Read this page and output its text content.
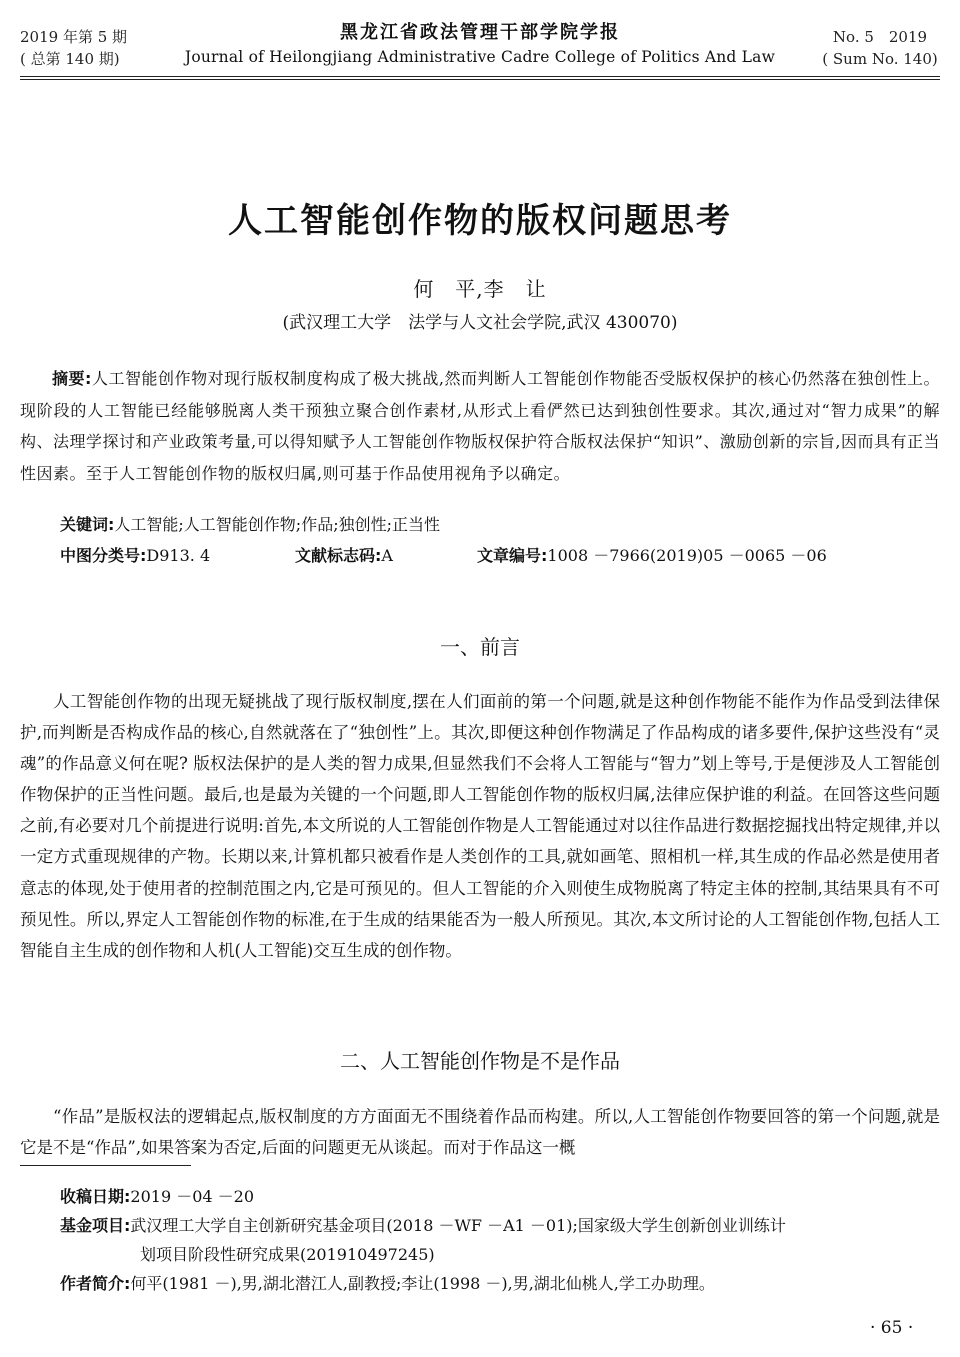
2019 年第 5 期
( 总第 140 期)
黑龙江省政法管理干部学院学报
Journal of Heilongjiang Administrative Cadre College of Politics And Law
No. 5　2019
( Sum No. 140)
人工智能创作物的版权问题思考
何　平,李　让
(武汉理工大学　法学与人文社会学院,武汉 430070)
摘要:人工智能创作物对现行版权制度构成了极大挑战,然而判断人工智能创作物能否受版权保护的核心仍然落在独创性上。现阶段的人工智能已经能够脱离人类干预独立聚合创作素材,从形式上看俨然已达到独创性要求。其次,通过对“智力成果”的解构、法理学探讨和产业政策考量,可以得知赋予人工智能创作物版权保护符合版权法保护“知识”、激励创新的宗旨,因而具有正当性因素。至于人工智能创作物的版权归属,则可基于作品使用视角予以确定。
关键词:人工智能;人工智能创作物;作品;独创性;正当性
中图分类号:D913. 4	文献标志码:A	文章编号:1008 －7966(2019)05 －0065 －06
一、前言
人工智能创作物的出现无疑挑战了现行版权制度,摆在人们面前的第一个问题,就是这种创作物能不能作为作品受到法律保护,而判断是否构成作品的核心,自然就落在了“独创性”上。其次,即便这种创作物满足了作品构成的诸多要件,保护这些没有“灵魂”的作品意义何在呢? 版权法保护的是人类的智力成果,但显然我们不会将人工智能与“智力”划上等号,于是便涉及人工智能创作物保护的正当性问题。最后,也是最为关键的一个问题,即人工智能创作物的版权归属,法律应保护谁的利益。在回答这些问题之前,有必要对几个前提进行说明:首先,本文所说的人工智能创作物是人工智能通过对以往作品进行数据挖掘找出特定规律,并以一定方式重现规律的产物。长期以来,计算机都只被看作是人类创作的工具,就如画笔、照相机一样,其生成的作品必然是使用者意志的体现,处于使用者的控制范围之内,它是可预见的。但人工智能的介入则使生成物脱离了特定主体的控制,其结果具有不可预见性。所以,界定人工智能创作物的标准,在于生成的结果能否为一般人所预见。其次,本文所讨论的人工智能创作物,包括人工智能自主生成的创作物和人机(人工智能)交互生成的创作物。
二、人工智能创作物是不是作品
“作品”是版权法的逻辑起点,版权制度的方方面面无不围绕着作品而构建。所以,人工智能创作物要回答的第一个问题,就是它是不是“作品”,如果答案为否定,后面的问题更无从谈起。而对于作品这一概
收稿日期:2019 －04 －20
基金项目:武汉理工大学自主创新研究基金项目(2018 －WF －A1 －01);国家级大学生创新创业训练计
划项目阶段性研究成果(201910497245)
作者简介:何平(1981 －),男,湖北潜江人,副教授;李让(1998 －),男,湖北仙桃人,学工办助理。
· 65 ·
